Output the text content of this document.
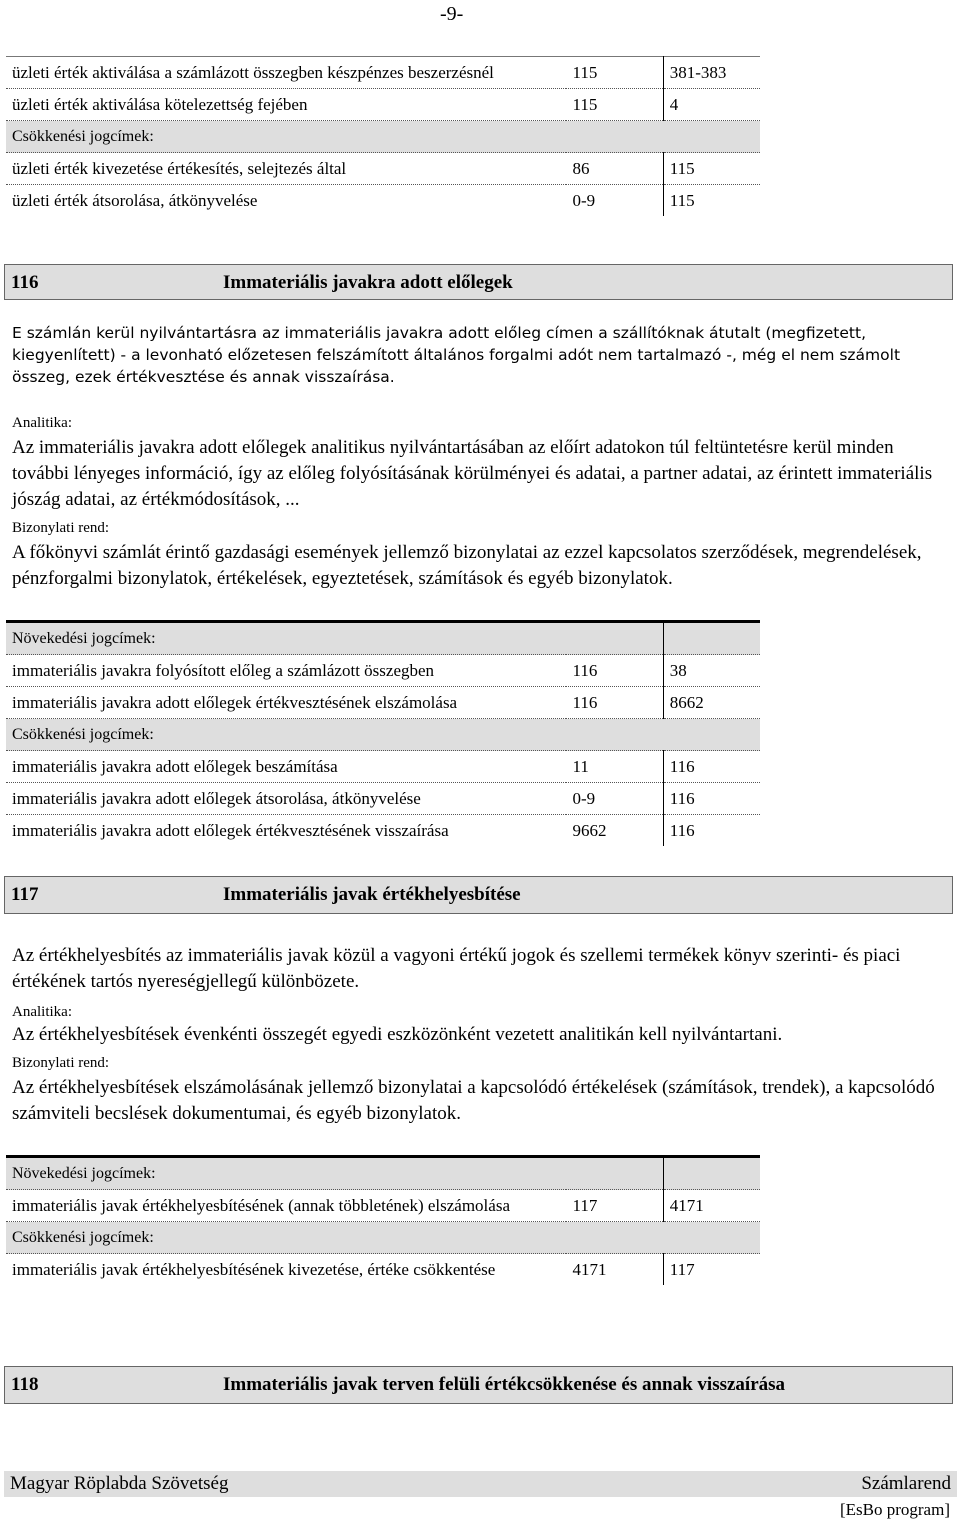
-9-
üzleti érték aktiválása a számlázott összegben készpénzes beszerzésnél	115	381-383
üzleti érték aktiválása kötelezettség fejében	115	4
Csökkenési jogcímek:		
üzleti érték kivezetése értékesítés, selejtezés által	86	115
üzleti érték átsorolása, átkönyvelése	0-9	115
116	Immateriális javakra adott előlegek
E számlán kerül nyilvántartásra az immateriális javakra adott előleg címen a szállítóknak átutalt (megfizetett, kiegyenlített) - a levonható előzetesen felszámított általános forgalmi adót nem tartalmazó -, még el nem számolt összeg, ezek értékvesztése és annak visszaírása.
Analitika:
Az immateriális javakra adott előlegek analitikus nyilvántartásában az előírt adatokon túl feltüntetésre kerül minden további lényeges információ, így az előleg folyósításának körülményei és adatai, a partner adatai, az érintett immateriális jószág adatai, az értékmódosítások, ...
Bizonylati rend:
A főkönyvi számlát érintő gazdasági események jellemző bizonylatai az ezzel kapcsolatos szerződések, megrendelések, pénzforgalmi bizonylatok, értékelések, egyeztetések, számítások és egyéb bizonylatok.
Növekedési jogcímek:		
immateriális javakra folyósított előleg a számlázott összegben	116	38
immateriális javakra adott előlegek értékvesztésének elszámolása	116	8662
Csökkenési jogcímek:		
immateriális javakra adott előlegek beszámítása	11	116
immateriális javakra adott előlegek átsorolása, átkönyvelése	0-9	116
immateriális javakra adott előlegek értékvesztésének visszaírása	9662	116
117	Immateriális javak értékhelyesbítése
Az értékhelyesbítés az immateriális javak közül a vagyoni értékű jogok és szellemi termékek könyv szerinti- és piaci értékének tartós nyereségjellegű különbözete.
Analitika:
Az értékhelyesbítések évenkénti összegét egyedi eszközönként vezetett analitikán kell nyilvántartani.
Bizonylati rend:
Az értékhelyesbítések elszámolásának jellemző bizonylatai a kapcsolódó értékelések (számítások, trendek), a kapcsolódó számviteli becslések dokumentumai, és egyéb bizonylatok.
Növekedési jogcímek:		
immateriális javak értékhelyesbítésének (annak többletének) elszámolása	117	4171
Csökkenési jogcímek:		
immateriális javak értékhelyesbítésének kivezetése, értéke csökkentése	4171	117
118	Immateriális javak terven felüli értékcsökkenése és annak visszaírása
Magyar Röplabda Szövetség	Számlarend
[EsBo program]
